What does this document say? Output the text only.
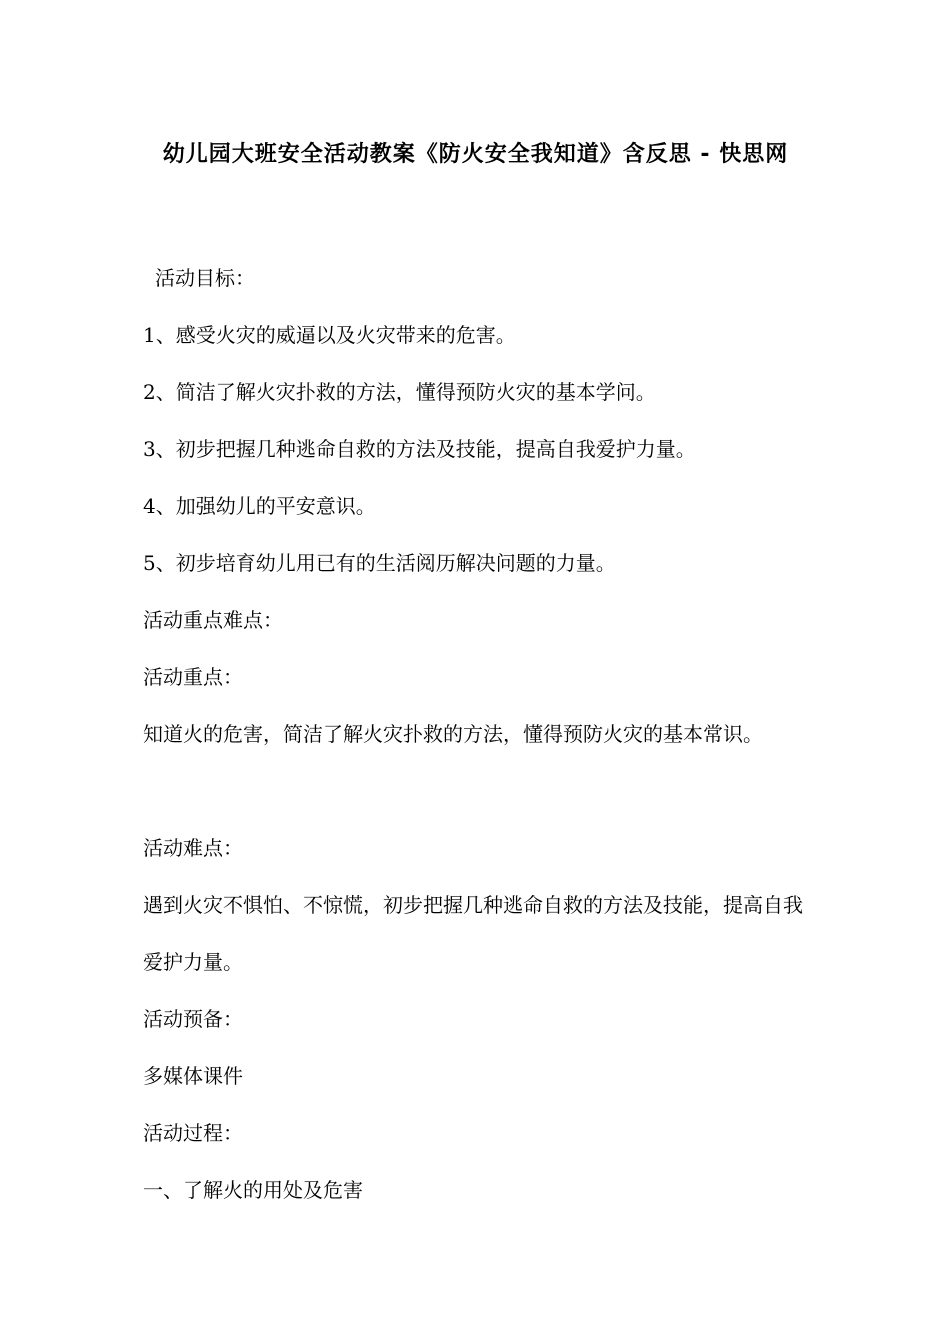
幼儿园大班安全活动教案《防火安全我知道》含反思 - 快思网
活动目标：
1、感受火灾的威逼以及火灾带来的危害。
2、简洁了解火灾扑救的方法，懂得预防火灾的基本学问。
3、初步把握几种逃命自救的方法及技能，提高自我爱护力量。
4、加强幼儿的平安意识。
5、初步培育幼儿用已有的生活阅历解决问题的力量。
活动重点难点：
活动重点：
知道火的危害，简洁了解火灾扑救的方法，懂得预防火灾的基本常识。
活动难点：
遇到火灾不惧怕、不惊慌，初步把握几种逃命自救的方法及技能，提高自我爱护力量。
活动预备：
多媒体课件
活动过程：
一、了解火的用处及危害
